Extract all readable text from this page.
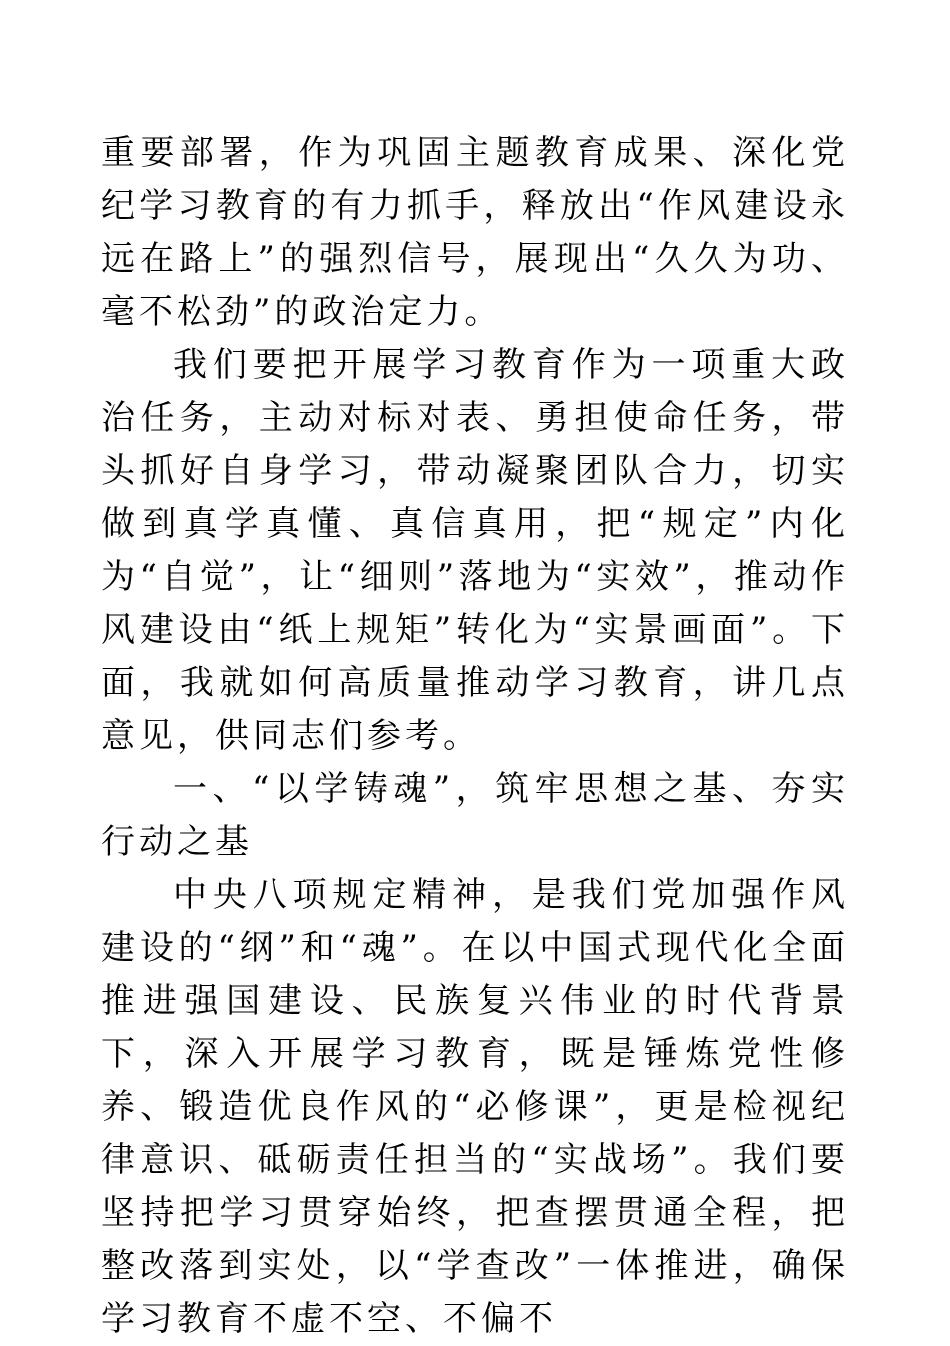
重要部署，作为巩固主题教育成果、深化党纪学习教育的有力抓手，释放出“作风建设永远在路上”的强烈信号，展现出“久久为功、毫不松劲”的政治定力。

我们要把开展学习教育作为一项重大政治任务，主动对标对表、勇担使命任务，带头抓好自身学习，带动凝聚团队合力，切实做到真学真懂、真信真用，把“规定”内化为“自觉”，让“细则”落地为“实效”，推动作风建设由“纸上规矩”转化为“实景画面”。下面，我就如何高质量推动学习教育，讲几点意见，供同志们参考。

一、“以学铸魂”，筑牢思想之基、夯实行动之基

中央八项规定精神，是我们党加强作风建设的“纲”和“魂”。在以中国式现代化全面推进强国建设、民族复兴伟业的时代背景下，深入开展学习教育，既是锤炼党性修养、锻造优良作风的“必修课”，更是检视纪律意识、砥砺责任担当的“实战场”。我们要坚持把学习贯穿始终，把查摆贯通全程，把整改落到实处，以“学查改”一体推进，确保学习教育不虚不空、不偏不
